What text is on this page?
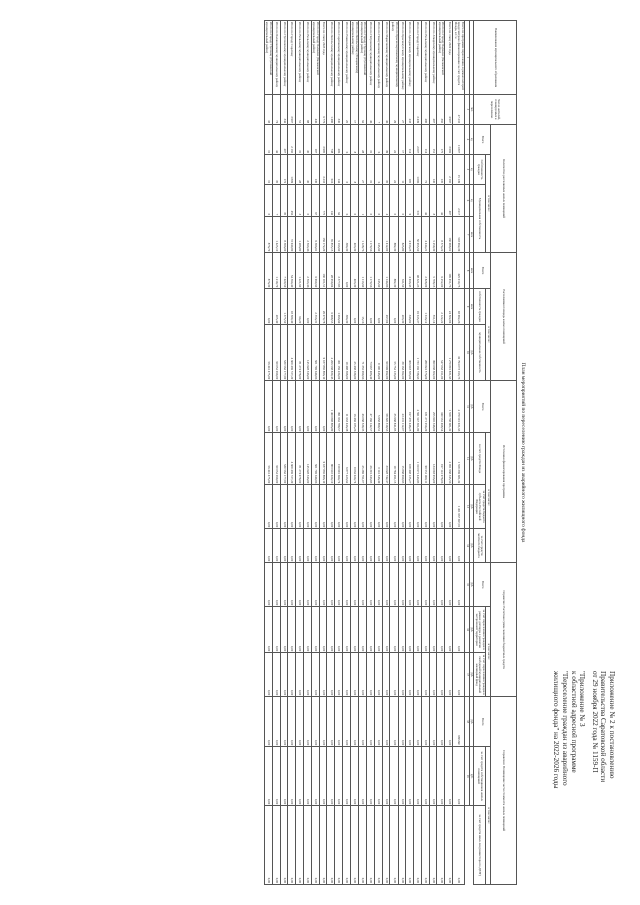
Приложение № 2 к постановлению

Правительства Саратовской области

от 29 ноября 2022 года № 1159-П

"Приложение № 3

к областной адресной программе

"Переселение граждан из аварийного

жилищного фонда" на 2022-2026 годы

План мероприятий по переселению граждан из аварийного жилищного фонда
Наименование муниципального образования	Число жителей, планируемых к переселению	Количество расселяемых жилых помещений				Расселяемая площадь жилых помещений			Источники финансирования программы				Справочно: Расчетная сумма экономии бюджетных средств			Справочно: Возмещение части стоимости жилых помещений		
		Всего	в том числе:			Всего	в том числе:		Всего	в том числе:			Всего	в том числе:		Всего	в том числе:	
			Собственность граждан	Муниципальная собственность			собственность граждан	муниципальная собственность		за счет средств Фонда	за счет средств бюджета субъекта Российской Федерации	за счет средств местного бюджета		за счет переселения граждан в рамках договора о развитии застроенной территории	за счет переселения граждан в свободный муниципальный жилищный фонд		за счет средств собственников жилых помещений	за счет средств иных лиц (инвестора по ДРЗТ)

	чел.	ед.	ед.	ед.	кв.м	кв.м	кв.м	руб.	руб.	руб.	руб.	руб.	руб.	руб.	руб.	руб.	руб.	
1	3	4	5	6	7	8	9	10	11	12	13	14	15	16	17	18	19	
Всего по программе переселения, в рамках которой предусмотрено финансирование за счет средств Фонда, в т.ч.:	27 210	11 807	15 139	2 617	518 962,39	425 010,75	93 992,26	32 794 073 163,73	2 379 501 931,63	1 558 339 681,32	1 451 967 697,01	0,00	0,00	0,00	0,00	#ЗНАЧ!	0,00	0,00
Всего по этапу 2022 года	4 997	3 682	2 165	497	130 998,02	106 451,76	24 502,84	1 270 801 831,63	1 558 738 681,32	2 951 968 345,56	0,00	0,00	0,00	0,00	0,00	0,00	0,00	0,00
Итого по Городу Балаково (Балаковский муниципальный район)	365	175	135	42	8 574,22	6 252,00	2 122,22	547 063 161,00	340 561 498,54	197 141 978,06	0,00	0,00	0,00	0,00	0,00	0,00	0,00	0,00
Итого по Аткарскому муниципальному району	297	151	145	8	5 259,30	5 708,15	551,14	390 038 302,00	255 945 348,00	134 093 956,00	0,00	0,00	0,00	0,00	0,00	0,00	0,00	0,00
Итого по Вольскому муниципальному району	290	114	72	42	4 444,21	2 828,09	1 616,12	280 822 576,09	181 271 059,29	99 551 499,11	0,00	0,00	0,00	0,00	0,00	0,00	0,00	0,00
Итого по Городу Саратову	3 439	2 007	1 096	531	50 955,50	48 321,23	19 615,37	1 733 136 738,63	2 591 547 301,80	1 313 971 443,83	0,00	0,00	0,00	0,00	0,00	0,00	0,00	0,00
Итого по Аркадакскому муниципальному району	233	114	105	9	4 913,25	4 466,43	346,82	306 918 583,92	197 470 448,25	108 448 135,27	0,00	0,00	0,00	0,00	0,00	0,00	0,00	0,00
Итого по Краснокутскому муниципальному району	27	17	11	0	825,80	611,50	203,30	39 163 392,00	23 231 112,07	15 868 060,93	0,00	0,00	0,00	0,00	0,00	0,00	0,00	0,00
Итого по Краснопартизанскому муниципальному району	29	22	22	0	882,30	882,30	0,00	55 752 133,00	35 968 841,85	19 784 291,15	0,00	0,00	0,00	0,00	0,00	0,00	0,00	0,00
Итого по Марксовскому муниципальному району	46	39	35	4	1 412,00	1 144,96	267,04	90 049 062,00	58 320 319,53	33 028 742,47	0,00	0,00	0,00	0,00	0,00	0,00	0,00	0,00
Итого по Новоузенскому муниципальному району	7	6	6	0	145,60	145,60	0,00	9 100 446,00	5 958 899,51	3 141 546,49	0,00	0,00	0,00	0,00	0,00	0,00	0,00	0,00
Итого по Петровскому муниципальному району	46	31	31	0	1 170,56	1 170,56	0,00	73 967 486,40	47 166 142,57	26 301 343,83	0,00	0,00	0,00	0,00	0,00	0,00	0,00	0,00
Итого по Городу Пугачеву (Пугачевский муниципальный район)	62	28	27	1	1 128,76	1 113,60	15,16	71 355 099,66	46 068 539,35	25 286 761,07	0,00	0,00	0,00	0,00	0,00	0,00	0,00	0,00
Итого по Энгельсскому (Ртищевскому) муниципальному району	17	8	8	0	403,30	403,30	0,00	25 438 339,00	16 466 185,26	9 032 024,74	0,00	0,00	0,00	0,00	0,00	0,00	0,00	0,00
Итого по Ровенскому муниципальному району	25	6	0	6	384,30	0,00	384,30	19 498 398,00	11 633 446,38	6 877 223,62	0,00	0,00	0,00	0,00	0,00	0,00	0,00	0,00
Итого по Саратовскому муниципальному району	345	206	144	62	5 163,60	3 377,83	1 066,69	451 159 234,00	391 932 789,57	159 991 664,74	0,00	0,00	0,00	0,00	0,00	0,00	0,00	0,00
Итого по Энгельсскому муниципальному району	1 490	738	616	142	35 855,15	28 959,84	6 998,55	2 266 538 830,45	1 463 808 886,80	803 610 024,10	0,00	0,00	0,00	0,00	0,00	0,00	0,00	0,00
Всего по этапу 2023 года	6 776	3 985	3 210	775	159 172,29	130 101,51	29 070,78	9 187 865 896,10	0,00	9 187 865 896,10	0,00	0,00	0,00	0,00	0,00	0,00	0,00	0,00
Итого по Городу Балаково (Балаковский муниципальный район)	446	197	130	67	9 396,91	6 960,60	2 356,31	501 706 649,96	0,00	501 706 649,96	0,00	0,00	0,00	0,00	0,00	0,00	0,00	0,00
Итого по Вольскому муниципальному району	88	45	45	0	2 563,46	2 563,46	0,00	145 928 346,00	0,00	145 928 346,00	0,00	0,00	0,00	0,00	0,00	0,00	0,00	0,00
Итого по Вольскому муниципальному району	51	31	28	3	1 286,80	1 221,60	64,20	81 274 978,00	0,00	81 274 978,00	0,00	0,00	0,00	0,00	0,00	0,00	0,00	0,00
Итого по Городу Саратову	3 997	2 165	1 809	456	72 940,80	54 364,40	18 580,40	4 609 439 727,20	0,00	4 609 439 727,20	0,00	0,00	0,00	0,00	0,00	0,00	0,00	0,00
Итого по Пугачевскому муниципальному району	342	207	172	35	8 396,00	7 020,50	1 375,50	530 562 177,00	0,00	530 562 177,00	0,00	0,00	0,00	0,00	0,00	0,00	0,00	0,00
Итого по Балашовскому муниципальному району	74	42	35	7	1 425,10	1 219,70	205,40	90 052 069,00	0,00	90 052 069,00	0,00	0,00	0,00	0,00	0,00	0,00	0,00	0,00
Итого по Городу Пугачеву (Пугачевский муниципальный район)	33	15	15	0	876,70	876,30	0,00	56 441 475,00	0,00	56 441 475,00	0,00	0,00	0,00	0,00	0,00	0,00	0,00	0,00
